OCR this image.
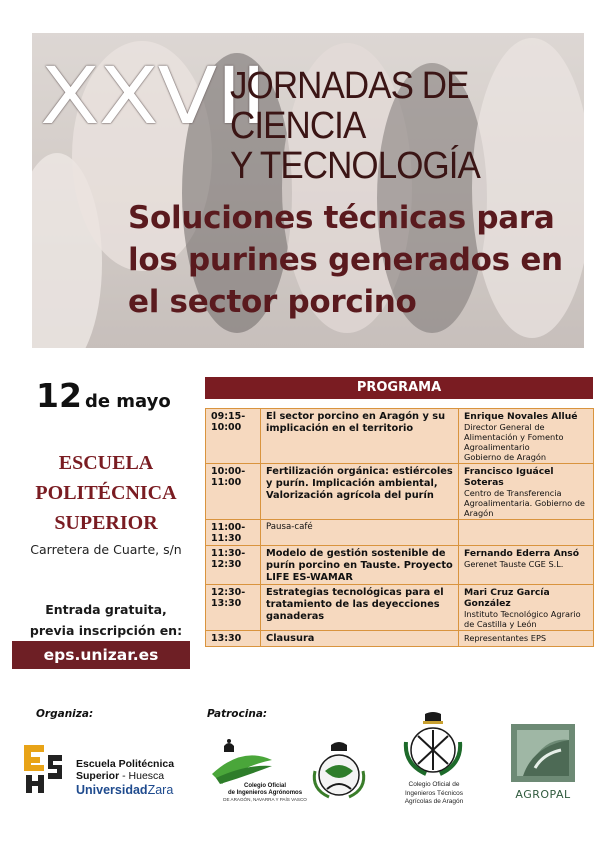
XXVII
JORNADAS DE CIENCIA
Y TECNOLOGÍA
Soluciones técnicas para
los purines generados en
el sector porcino
12 de mayo
ESCUELA
POLITÉCNICA
SUPERIOR
Carretera de Cuarte, s/n
Entrada gratuita,
previa inscripción en:
eps.unizar.es
PROGRAMA
09:15-
10:00	El sector porcino en Aragón y su implicación en el territorio	Enrique Novales Allué
Director General de Alimentación y Fomento Agroalimentario
Gobierno de Aragón

10:00-
11:00	Fertilización orgánica: estiércoles y purín. Implicación ambiental, Valorización agrícola del purín	Francisco Iguácel Soteras
Centro de Transferencia Agroalimentaria. Gobierno de Aragón

11:00-
11:30	Pausa-café	

11:30-
12:30	Modelo de gestión sostenible de purín porcino en Tauste. Proyecto LIFE ES-WAMAR	Fernando Ederra Ansó
Gerenet Tauste CGE S.L.

12:30-
13:30	Estrategias tecnológicas para el tratamiento de las deyecciones ganaderas	Mari Cruz García González
Instituto Tecnológico Agrario de Castilla y León

13:30	Clausura	Representantes EPS
Organiza:	Patrocina:
Escuela Politécnica
Superior - Huesca
UniversidadZara	Colegio Oficial
de Ingenieros Agrónomos
DE ARAGÓN, NAVARRA Y PAÍS VASCO
Colegio Oficial de
Ingenieros Técnicos
Agrícolas de Aragón
AGROPAL
